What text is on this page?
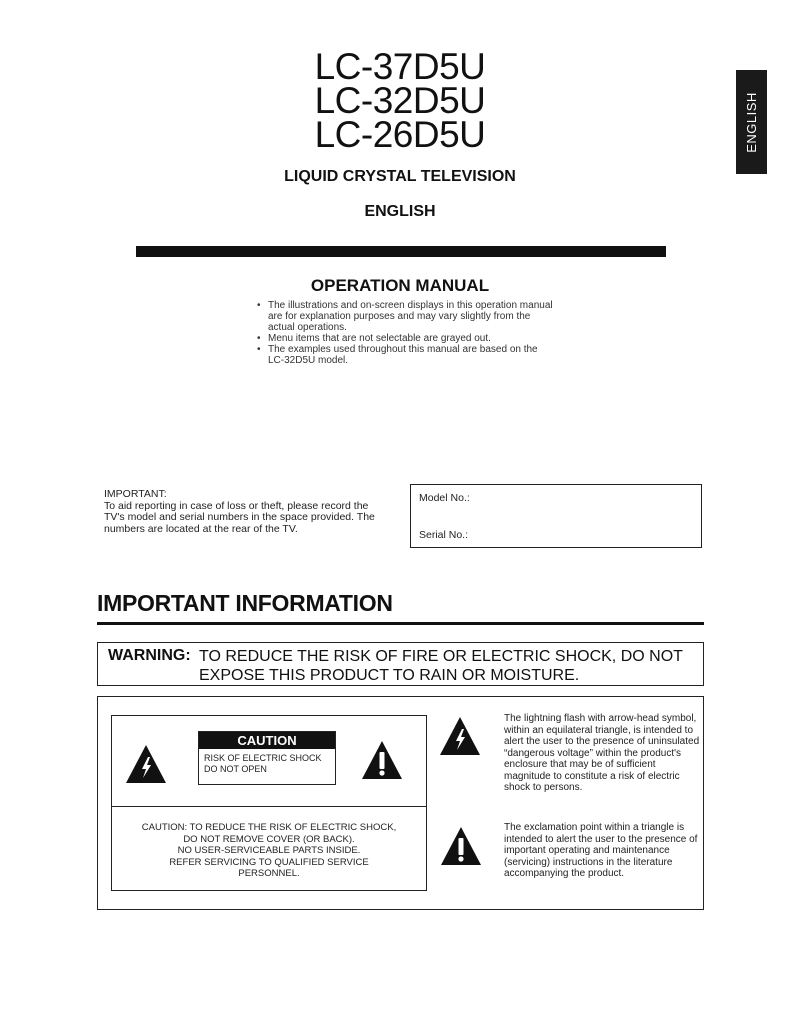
ENGLISH
LC-37D5U
LC-32D5U
LC-26D5U
LIQUID CRYSTAL TELEVISION
ENGLISH
OPERATION MANUAL
• The illustrations and on-screen displays in this operation manual are for explanation purposes and may vary slightly from the actual operations.
• Menu items that are not selectable are grayed out.
• The examples used throughout this manual are based on the LC-32D5U model.
IMPORTANT:
To aid reporting in case of loss or theft, please record the TV's model and serial numbers in the space provided. The numbers are located at the rear of the TV.
Model No.:
Serial No.:
IMPORTANT INFORMATION
WARNING: TO REDUCE THE RISK OF FIRE OR ELECTRIC SHOCK, DO NOT EXPOSE THIS PRODUCT TO RAIN OR MOISTURE.
CAUTION
RISK OF ELECTRIC SHOCK
DO NOT OPEN
CAUTION: TO REDUCE THE RISK OF ELECTRIC SHOCK,
DO NOT REMOVE COVER (OR BACK).
NO USER-SERVICEABLE PARTS INSIDE.
REFER SERVICING TO QUALIFIED SERVICE
PERSONNEL.
The lightning flash with arrow-head symbol, within an equilateral triangle, is intended to alert the user to the presence of uninsulated “dangerous voltage” within the product's enclosure that may be of sufficient magnitude to constitute a risk of electric shock to persons.
The exclamation point within a triangle is intended to alert the user to the presence of important operating and maintenance (servicing) instructions in the literature accompanying the product.
